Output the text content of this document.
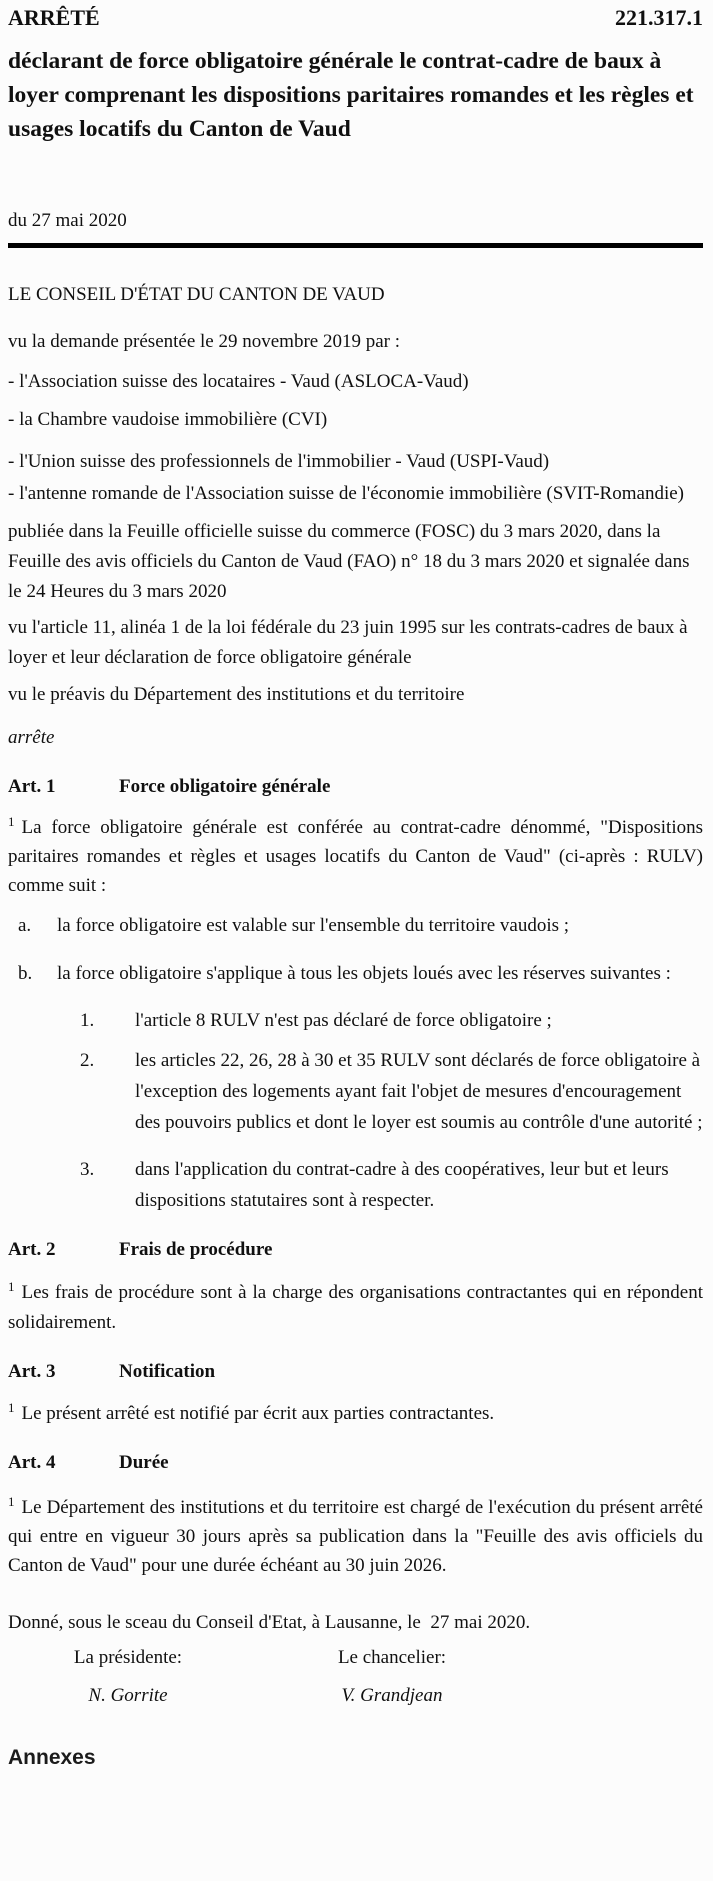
ARRÊTÉ	221.317.1
déclarant de force obligatoire générale le contrat-cadre de baux à loyer comprenant les dispositions paritaires romandes et les règles et usages locatifs du Canton de Vaud

du 27 mai 2020

LE CONSEIL D'ÉTAT DU CANTON DE VAUD

vu la demande présentée le 29 novembre 2019 par :

- l'Association suisse des locataires - Vaud (ASLOCA-Vaud)

- la Chambre vaudoise immobilière (CVI)

- l'Union suisse des professionnels de l'immobilier - Vaud (USPI-Vaud)

- l'antenne romande de l'Association suisse de l'économie immobilière (SVIT-Romandie)

publiée dans la Feuille officielle suisse du commerce (FOSC) du 3 mars 2020, dans la Feuille des avis officiels du Canton de Vaud (FAO) n° 18 du 3 mars 2020 et signalée dans le 24 Heures du 3 mars 2020

vu l'article 11, alinéa 1 de la loi fédérale du 23 juin 1995 sur les contrats-cadres de baux à loyer et leur déclaration de force obligatoire générale

vu le préavis du Département des institutions et du territoire

arrête

Art. 1	Force obligatoire générale

$^1$ La force obligatoire générale est conférée au contrat-cadre dénommé, "Dispositions paritaires romandes et règles et usages locatifs du Canton de Vaud" (ci-après : RULV) comme suit :

a. la force obligatoire est valable sur l'ensemble du territoire vaudois ;
b. la force obligatoire s'applique à tous les objets loués avec les réserves suivantes :
1. l'article 8 RULV n'est pas déclaré de force obligatoire ;
2. les articles 22, 26, 28 à 30 et 35 RULV sont déclarés de force obligatoire à l'exception des logements ayant fait l'objet de mesures d'encouragement des pouvoirs publics et dont le loyer est soumis au contrôle d'une autorité ;
3. dans l'application du contrat-cadre à des coopératives, leur but et leurs dispositions statutaires sont à respecter.

Art. 2	Frais de procédure

$^1$ Les frais de procédure sont à la charge des organisations contractantes qui en répondent solidairement.

Art. 3	Notification

$^1$ Le présent arrêté est notifié par écrit aux parties contractantes.

Art. 4	Durée

$^1$ Le Département des institutions et du territoire est chargé de l'exécution du présent arrêté qui entre en vigueur 30 jours après sa publication dans la "Feuille des avis officiels du Canton de Vaud" pour une durée échéant au 30 juin 2026.

Donné, sous le sceau du Conseil d'Etat, à Lausanne, le  27 mai 2020.

La présidente:

N. Gorrite

Le chancelier:

V. Grandjean

Annexes
